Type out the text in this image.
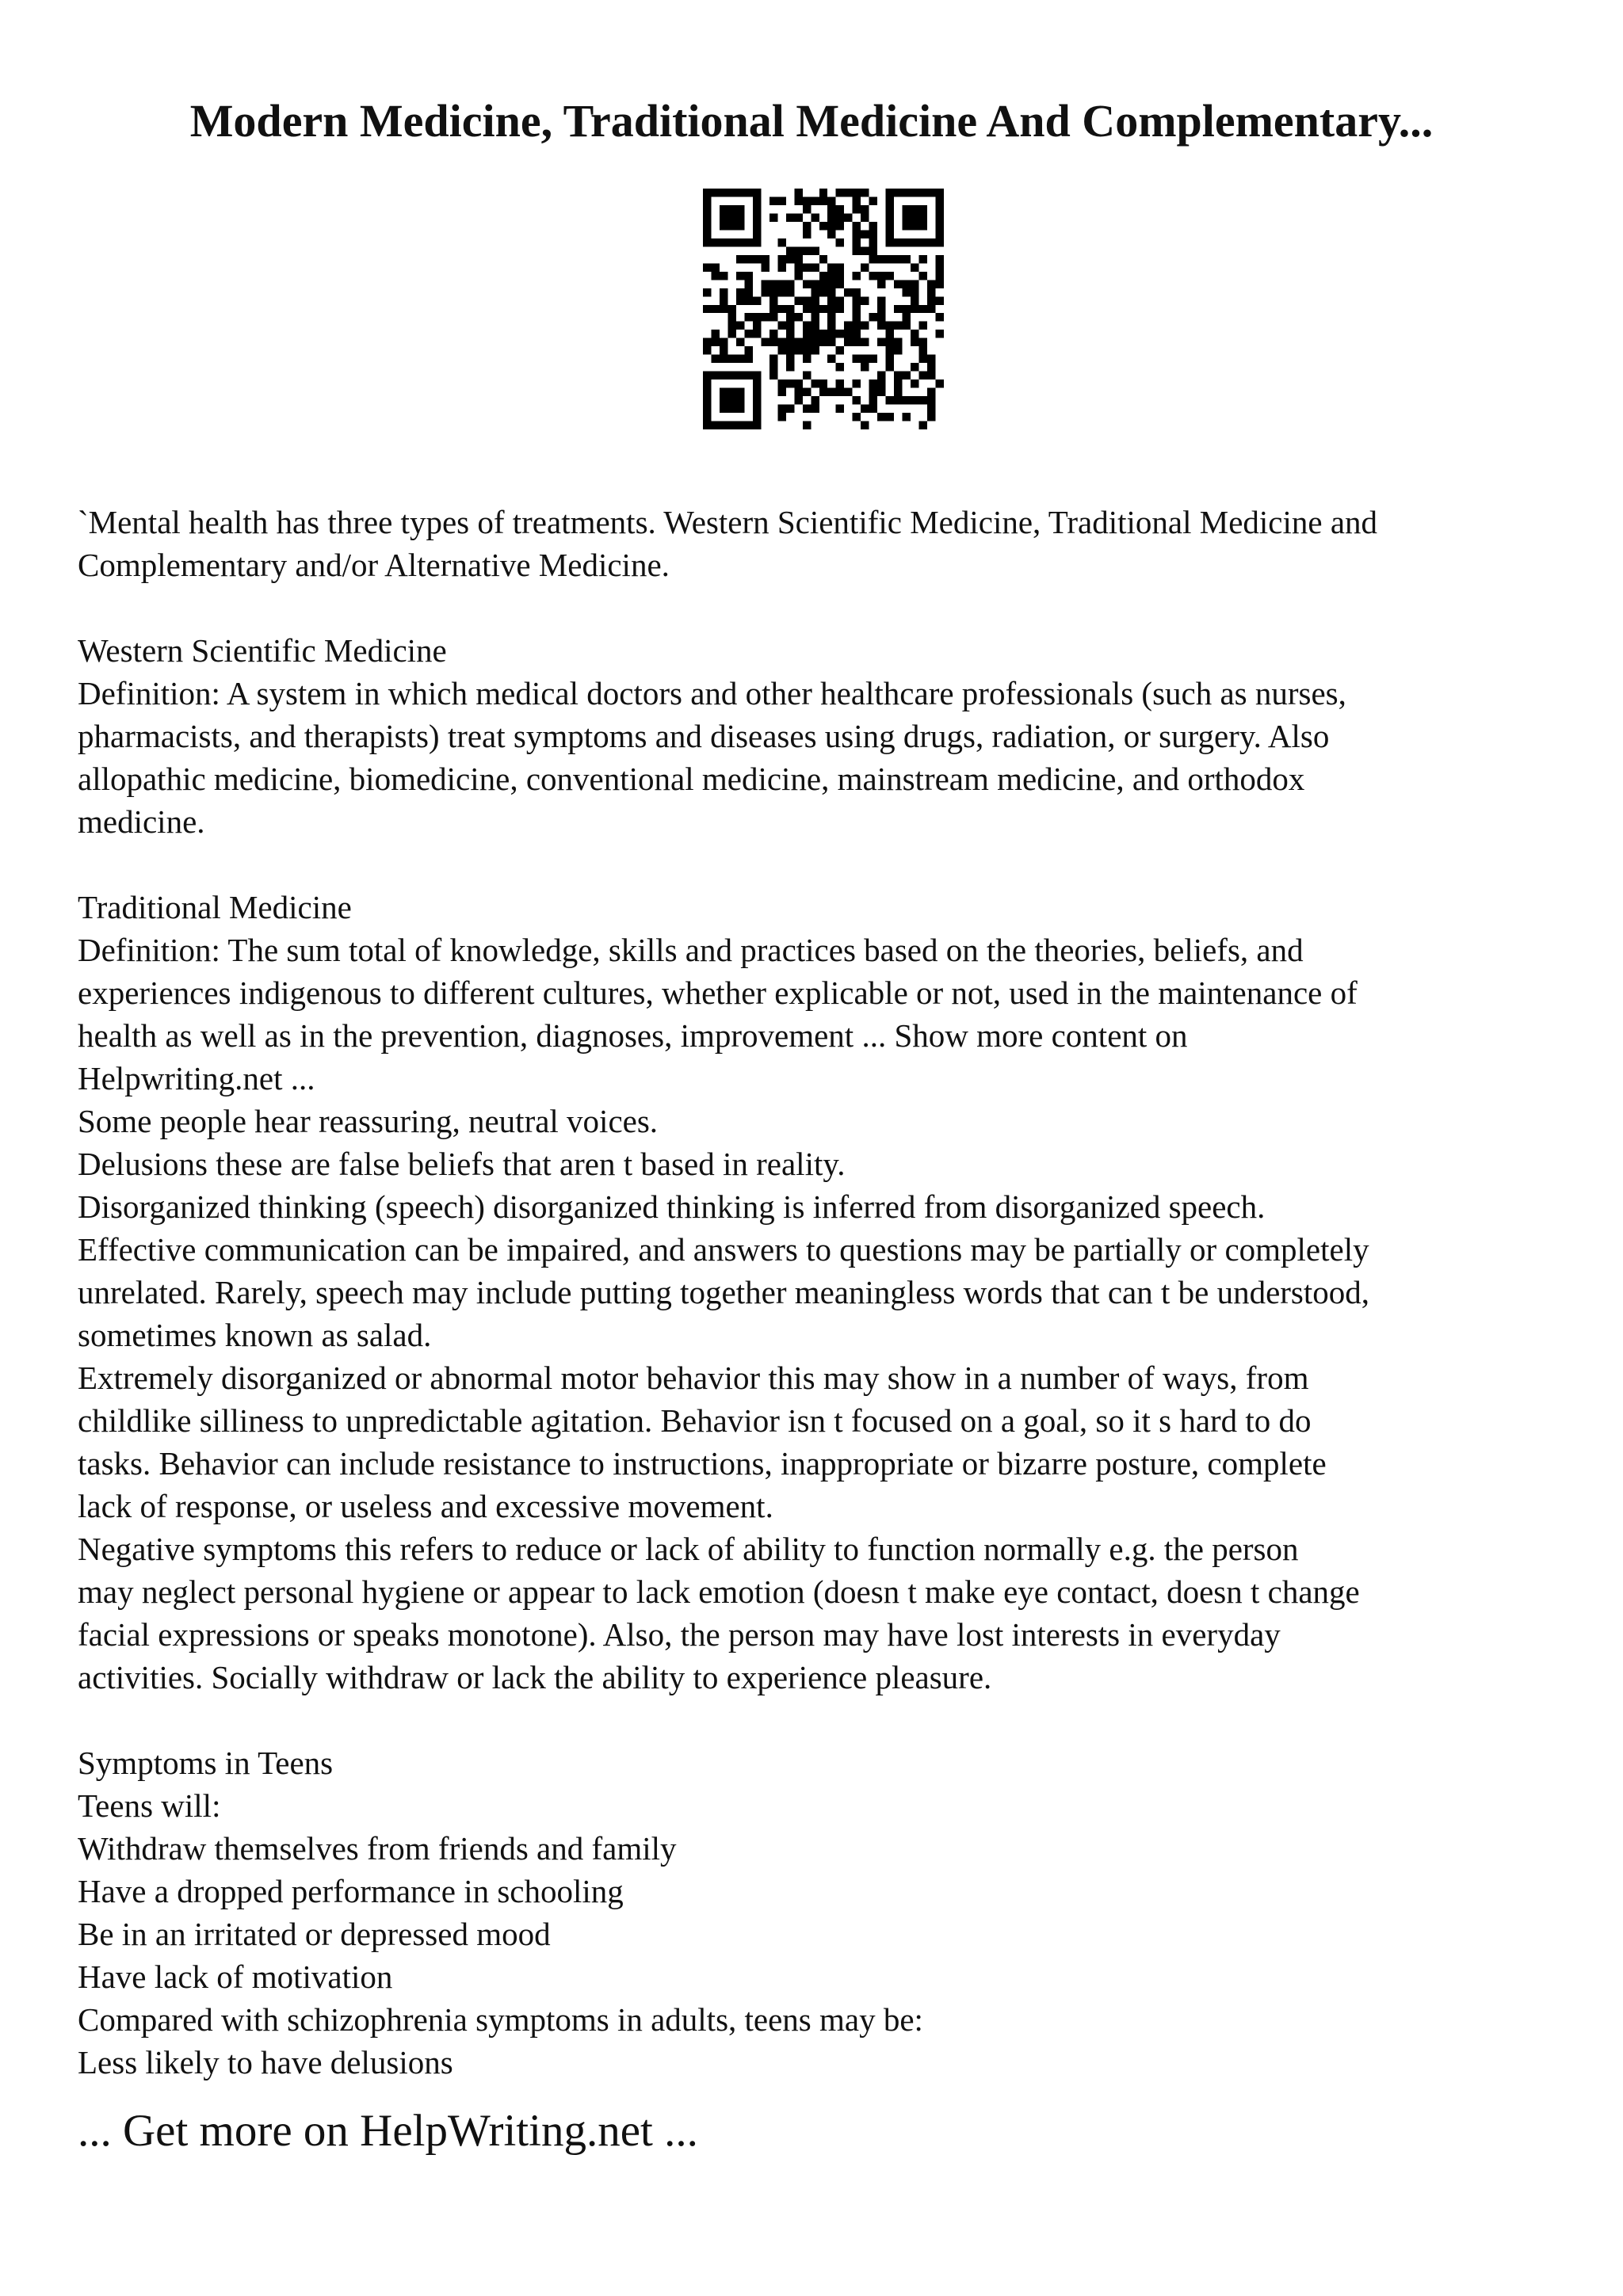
Modern Medicine, Traditional Medicine And Complementary...

`Mental health has three types of treatments. Western Scientific Medicine, Traditional Medicine and
Complementary and/or Alternative Medicine.

Western Scientific Medicine
Definition: A system in which medical doctors and other healthcare professionals (such as nurses,
pharmacists, and therapists) treat symptoms and diseases using drugs, radiation, or surgery. Also
allopathic medicine, biomedicine, conventional medicine, mainstream medicine, and orthodox
medicine.

Traditional Medicine
Definition: The sum total of knowledge, skills and practices based on the theories, beliefs, and
experiences indigenous to different cultures, whether explicable or not, used in the maintenance of
health as well as in the prevention, diagnoses, improvement ... Show more content on
Helpwriting.net ...
Some people hear reassuring, neutral voices.
Delusions these are false beliefs that aren t based in reality.
Disorganized thinking (speech) disorganized thinking is inferred from disorganized speech.
Effective communication can be impaired, and answers to questions may be partially or completely
unrelated. Rarely, speech may include putting together meaningless words that can t be understood,
sometimes known as salad.
Extremely disorganized or abnormal motor behavior this may show in a number of ways, from
childlike silliness to unpredictable agitation. Behavior isn t focused on a goal, so it s hard to do
tasks. Behavior can include resistance to instructions, inappropriate or bizarre posture, complete
lack of response, or useless and excessive movement.
Negative symptoms this refers to reduce or lack of ability to function normally e.g. the person
may neglect personal hygiene or appear to lack emotion (doesn t make eye contact, doesn t change
facial expressions or speaks monotone). Also, the person may have lost interests in everyday
activities. Socially withdraw or lack the ability to experience pleasure.

Symptoms in Teens
Teens will:
Withdraw themselves from friends and family
Have a dropped performance in schooling
Be in an irritated or depressed mood
Have lack of motivation
Compared with schizophrenia symptoms in adults, teens may be:
Less likely to have delusions

... Get more on HelpWriting.net ...
